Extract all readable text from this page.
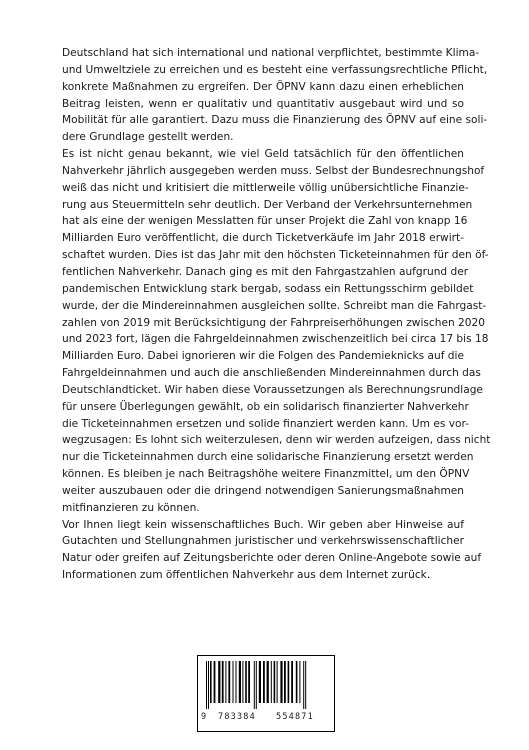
Deutschland hat sich international und national verpflichtet, bestimmte Klima-
und Umweltziele zu erreichen und es besteht eine verfassungsrechtliche Pflicht,
konkrete Maßnahmen zu ergreifen. Der ÖPNV kann dazu einen erheblichen
Beitrag leisten, wenn er qualitativ und quantitativ ausgebaut wird und so
Mobilität für alle garantiert. Dazu muss die Finanzierung des ÖPNV auf eine soli-
dere Grundlage gestellt werden.

Es ist nicht genau bekannt, wie viel Geld tatsächlich für den öffentlichen
Nahverkehr jährlich ausgegeben werden muss. Selbst der Bundesrechnungshof
weiß das nicht und kritisiert die mittlerweile völlig unübersichtliche Finanzie-
rung aus Steuermitteln sehr deutlich. Der Verband der Verkehrsunternehmen
hat als eine der wenigen Messlatten für unser Projekt die Zahl von knapp 16
Milliarden Euro veröffentlicht, die durch Ticketverkäufe im Jahr 2018 erwirt-
schaftet wurden. Dies ist das Jahr mit den höchsten Ticketeinnahmen für den öf-
fentlichen Nahverkehr. Danach ging es mit den Fahrgastzahlen aufgrund der
pandemischen Entwicklung stark bergab, sodass ein Rettungsschirm gebildet
wurde, der die Mindereinnahmen ausgleichen sollte. Schreibt man die Fahrgast-
zahlen von 2019 mit Berücksichtigung der Fahrpreiserhöhungen zwischen 2020
und 2023 fort, lägen die Fahrgeldeinnahmen zwischenzeitlich bei circa 17 bis 18
Milliarden Euro. Dabei ignorieren wir die Folgen des Pandemieknicks auf die
Fahrgeldeinnahmen und auch die anschließenden Mindereinnahmen durch das
Deutschlandticket. Wir haben diese Voraussetzungen als Berechnungsrundlage
für unsere Überlegungen gewählt, ob ein solidarisch finanzierter Nahverkehr
die Ticketeinnahmen ersetzen und solide finanziert werden kann. Um es vor-
wegzusagen: Es lohnt sich weiterzulesen, denn wir werden aufzeigen, dass nicht
nur die Ticketeinnahmen durch eine solidarische Finanzierung ersetzt werden
können. Es bleiben je nach Beitragshöhe weitere Finanzmittel, um den ÖPNV
weiter auszubauen oder die dringend notwendigen Sanierungsmaßnahmen
mitfinanzieren zu können.

Vor Ihnen liegt kein wissenschaftliches Buch. Wir geben aber Hinweise auf
Gutachten und Stellungnahmen juristischer und verkehrswissenschaftlicher
Natur oder greifen auf Zeitungsberichte oder deren Online-Angebote sowie auf
Informationen zum öffentlichen Nahverkehr aus dem Internet zurück.

9 783384 554871
